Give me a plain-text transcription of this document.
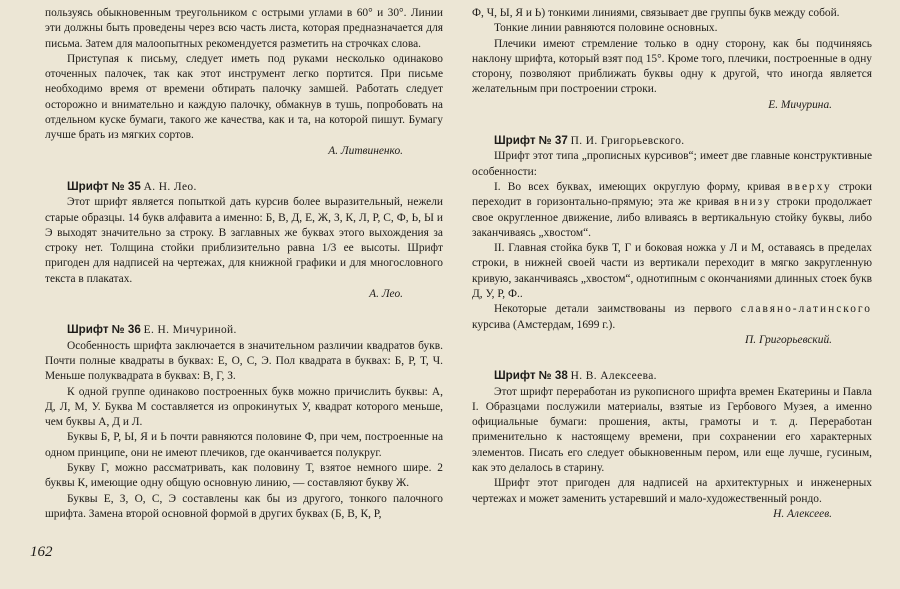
пользуясь обыкновенным треугольником с острыми углами в 60° и 30°. Линии эти должны быть проведены через всю часть листа, которая предназначается для письма. Затем для малоопытных рекомендуется разметить на строчках слова.

Приступая к письму, следует иметь под руками несколько одинаково оточенных палочек, так как этот инструмент легко портится. При письме необходимо время от времени обтирать палочку замшей. Работать следует осторожно и внимательно и каждую палочку, обмакнув в тушь, попробовать на отдельном куске бумаги, такого же качества, как и та, на которой пишут. Бумагу лучше брать из мягких сортов.

А. Литвиненко.

Шрифт № 35 А. Н. Лео.

Этот шрифт является попыткой дать курсив более выразительный, нежели старые образцы. 14 букв алфавита а именно: Б, В, Д, Е, Ж, З, К, Л, Р, С, Ф, Ь, Ы и Э выходят значительно за строку. В заглавных же буквах этого выхождения за строку нет. Толщина стойки приблизительно равна 1/3 ее высоты. Шрифт пригоден для надписей на чертежах, для книжной графики и для многословного текста в плакатах.

А. Лео.

Шрифт № 36 Е. Н. Мичуриной.

Особенность шрифта заключается в значительном различии квадратов букв. Почти полные квадраты в буквах: Е, О, С, Э. Пол квадрата в буквах: Б, Р, Т, Ч. Меньше полуквадрата в буквах: В, Г, З.

К одной группе одинаково построенных букв можно причислить буквы: А, Д, Л, М, У. Буква М составляется из опрокинутых У, квадрат которого меньше, чем буквы А, Д и Л.

Буквы Б, Р, Ы, Я и Ь почти равняются половине Ф, при чем, построенные на одном принципе, они не имеют плечиков, где оканчивается полукруг.

Букву Г, можно рассматривать, как половину Т, взятое немного шире. 2 буквы К, имеющие одну общую основную линию, — составляют букву Ж.

Буквы Е, З, О, С, Э составлены как бы из другого, тонкого палочного шрифта. Замена второй основной формой в других буквах (Б, В, К, Р,

Ф, Ч, Ы, Я и Ь) тонкими линиями, связывает две группы букв между собой.

Тонкие линии равняются половине основных.

Плечики имеют стремление только в одну сторону, как бы подчиняясь наклону шрифта, который взят под 15°. Кроме того, плечики, построенные в одну сторону, позволяют приближать буквы одну к другой, что иногда является желательным при построении строки.

Е. Мичурина.

Шрифт № 37 П. И. Григорьевского.

Шрифт этот типа „прописных курсивов“; имеет две главные конструктивные особенности:

I. Во всех буквах, имеющих округлую форму, кривая вверху строки переходит в горизонтально-прямую; эта же кривая внизу строки продолжает свое округленное движение, либо вливаясь в вертикальную стойку буквы, либо заканчиваясь „хвостом“.

II. Главная стойка букв Т, Г и боковая ножка у Л и М, оставаясь в пределах строки, в нижней своей части из вертикали переходит в мягко закругленную кривую, заканчиваясь „хвостом“, однотипным с окончаниями длинных стоек букв Д, У, Р, Ф..

Некоторые детали заимствованы из первого славяно-латинского курсива (Амстердам, 1699 г.).

П. Григорьевский.

Шрифт № 38 Н. В. Алексеева.

Этот шрифт переработан из рукописного шрифта времен Екатерины и Павла I. Образцами послужили материалы, взятые из Гербового Музея, а именно официальные бумаги: прошения, акты, грамоты и т. д. Переработан применительно к настоящему времени, при сохранении его характерных элементов. Писать его следует обыкновенным пером, или еще лучше, гусиным, как это делалось в старину.

Шрифт этот пригоден для надписей на архитектурных и инженерных чертежах и может заменить устаревший и мало-художественный рондо.

Н. Алексеев.

162
